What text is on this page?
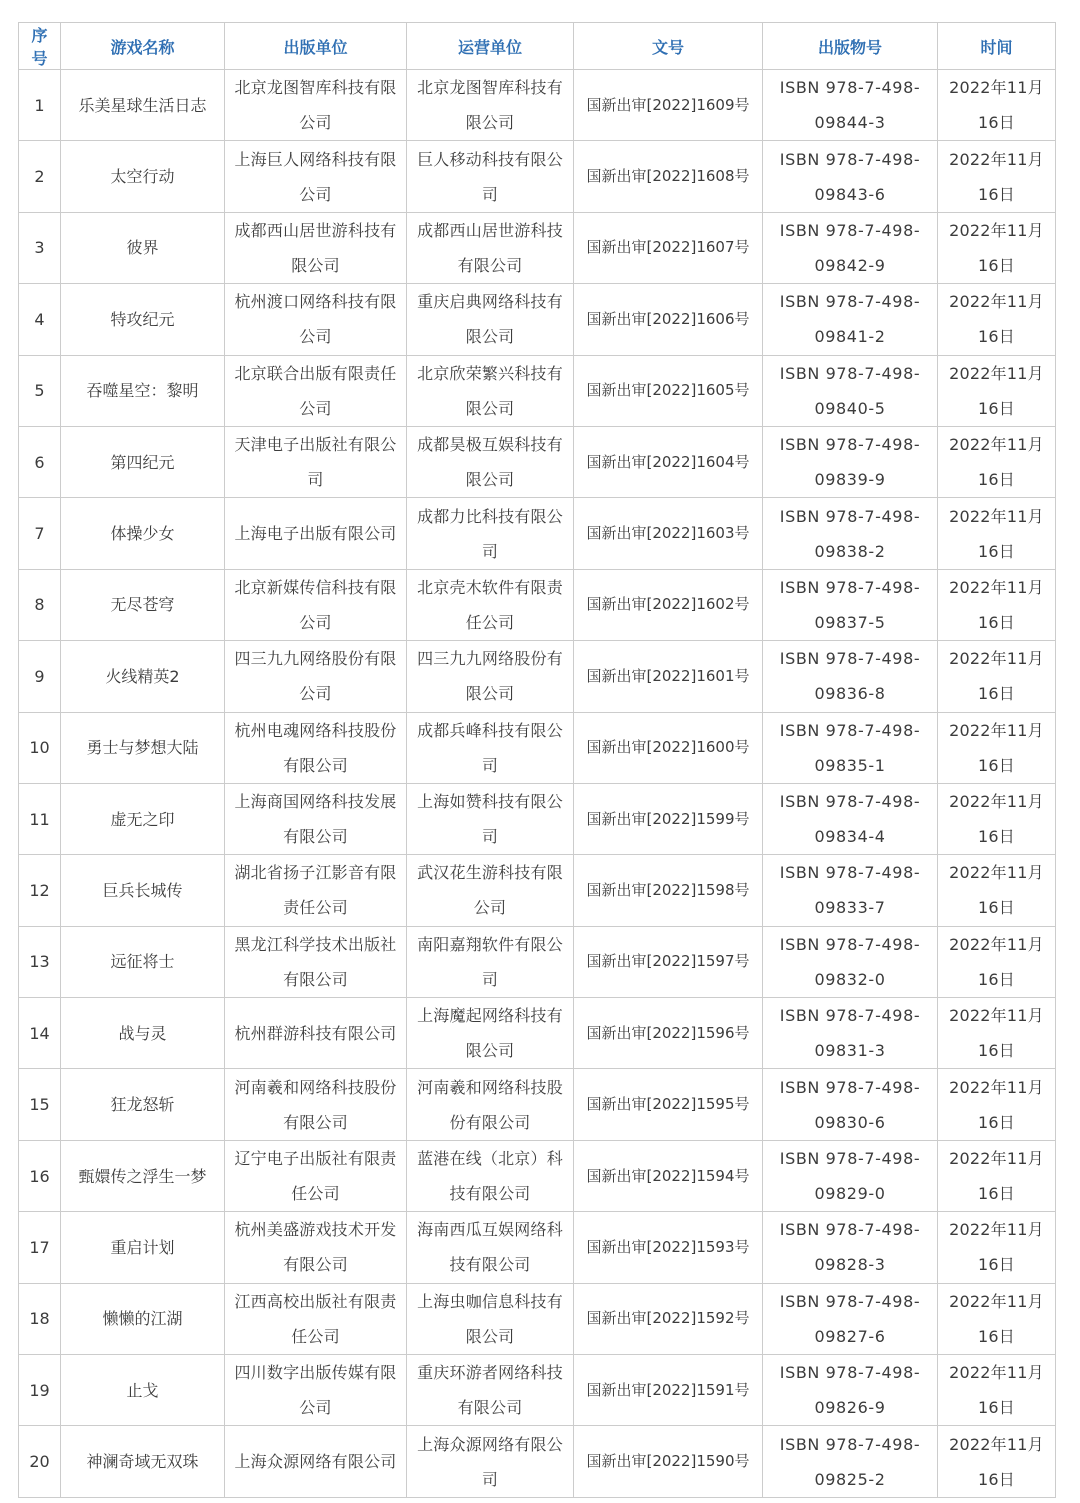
序号	游戏名称	出版单位	运营单位	文号	出版物号	时间
1	乐美星球生活日志	北京龙图智库科技有限公司	北京龙图智库科技有限公司	国新出审[2022]1609号	ISBN 978-7-498-09844-3	2022年11月16日
2	太空行动	上海巨人网络科技有限公司	巨人移动科技有限公司	国新出审[2022]1608号	ISBN 978-7-498-09843-6	2022年11月16日
3	彼界	成都西山居世游科技有限公司	成都西山居世游科技有限公司	国新出审[2022]1607号	ISBN 978-7-498-09842-9	2022年11月16日
4	特攻纪元	杭州渡口网络科技有限公司	重庆启典网络科技有限公司	国新出审[2022]1606号	ISBN 978-7-498-09841-2	2022年11月16日
5	吞噬星空：黎明	北京联合出版有限责任公司	北京欣荣繁兴科技有限公司	国新出审[2022]1605号	ISBN 978-7-498-09840-5	2022年11月16日
6	第四纪元	天津电子出版社有限公司	成都昊极互娱科技有限公司	国新出审[2022]1604号	ISBN 978-7-498-09839-9	2022年11月16日
7	体操少女	上海电子出版有限公司	成都力比科技有限公司	国新出审[2022]1603号	ISBN 978-7-498-09838-2	2022年11月16日
8	无尽苍穹	北京新媒传信科技有限公司	北京壳木软件有限责任公司	国新出审[2022]1602号	ISBN 978-7-498-09837-5	2022年11月16日
9	火线精英2	四三九九网络股份有限公司	四三九九网络股份有限公司	国新出审[2022]1601号	ISBN 978-7-498-09836-8	2022年11月16日
10	勇士与梦想大陆	杭州电魂网络科技股份有限公司	成都兵峰科技有限公司	国新出审[2022]1600号	ISBN 978-7-498-09835-1	2022年11月16日
11	虚无之印	上海商国网络科技发展有限公司	上海如赞科技有限公司	国新出审[2022]1599号	ISBN 978-7-498-09834-4	2022年11月16日
12	巨兵长城传	湖北省扬子江影音有限责任公司	武汉花生游科技有限公司	国新出审[2022]1598号	ISBN 978-7-498-09833-7	2022年11月16日
13	远征将士	黑龙江科学技术出版社有限公司	南阳嘉翔软件有限公司	国新出审[2022]1597号	ISBN 978-7-498-09832-0	2022年11月16日
14	战与灵	杭州群游科技有限公司	上海魔起网络科技有限公司	国新出审[2022]1596号	ISBN 978-7-498-09831-3	2022年11月16日
15	狂龙怒斩	河南羲和网络科技股份有限公司	河南羲和网络科技股份有限公司	国新出审[2022]1595号	ISBN 978-7-498-09830-6	2022年11月16日
16	甄嬛传之浮生一梦	辽宁电子出版社有限责任公司	蓝港在线（北京）科技有限公司	国新出审[2022]1594号	ISBN 978-7-498-09829-0	2022年11月16日
17	重启计划	杭州美盛游戏技术开发有限公司	海南西瓜互娱网络科技有限公司	国新出审[2022]1593号	ISBN 978-7-498-09828-3	2022年11月16日
18	懒懒的江湖	江西高校出版社有限责任公司	上海虫咖信息科技有限公司	国新出审[2022]1592号	ISBN 978-7-498-09827-6	2022年11月16日
19	止戈	四川数字出版传媒有限公司	重庆环游者网络科技有限公司	国新出审[2022]1591号	ISBN 978-7-498-09826-9	2022年11月16日
20	神澜奇域无双珠	上海众源网络有限公司	上海众源网络有限公司	国新出审[2022]1590号	ISBN 978-7-498-09825-2	2022年11月16日
